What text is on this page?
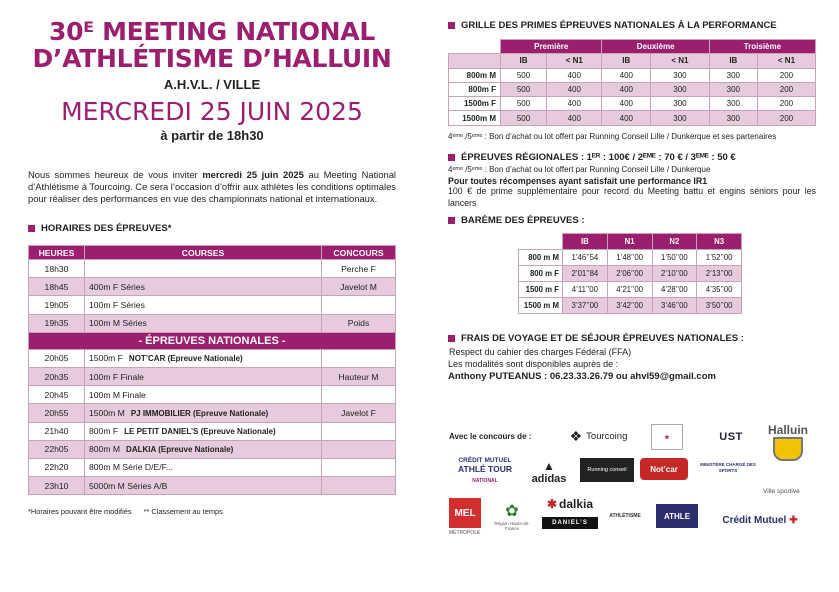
30ᴱ MEETING NATIONAL
D’ATHLÉTISME D’HALLUIN
A.H.V.L. / VILLE
MERCREDI 25 JUIN 2025
à partir de 18h30

Nous sommes heureux de vous inviter mercredi 25 juin 2025 au Meeting National d’Athlétisme à Tourcoing. Ce sera l’occasion d’offrir aux athlètes les conditions optimales pour réaliser des performances en vue des championnats national et internationaux.

HORAIRES DES ÉPREUVES*
HEURES	COURSES	CONCOURS
18h30		Perche F
18h45	400m F Séries	Javelot M
19h05	100m F Séries	
19h35	100m M Séries	Poids
- ÉPREUVES NATIONALES -		
20h05	1500m F NOT’CAR (Epreuve Nationale)	
20h35	100m F Finale	Hauteur M
20h45	100m M Finale	
20h55	1500m M PJ IMMOBILIER (Epreuve Nationale)	Javelot F
21h40	800m F LE PETIT DANIEL’S (Epreuve Nationale)	
22h05	800m M DALKIA (Epreuve Nationale)	
22h20	800m M Série D/E/F...	
23h10	5000m M Séries A/B	
*Horaires pouvant être modifiés ** Classement au temps
GRILLE DES PRIMES ÉPREUVES NATIONALES À LA PERFORMANCE
	Première		Deuxième		Troisième	
	IB	< N1	IB	< N1	IB	< N1
800m M	500	400	400	300	300	200
800m F	500	400	400	300	300	200
1500m F	500	400	400	300	300	200
1500m M	500	400	400	300	300	200

4ᵉᵐᵉ /5ᵉᵐᵉ : Bon d’achat ou lot offert par Running Conseil Lille / Dunkerque et ses partenaires

ÉPREUVES RÉGIONALES : 1ᴱᴿ : 100€ / 2ᴱᴹᴱ : 70 € / 3ᴱᴹᴱ : 50 €

4ᵉᵐᵉ /5ᵉᵐᵉ : Bon d’achat ou lot offert par Running Conseil Lille / Dunkerque

Pour toutes récompenses ayant satisfait une performance IR1

100 € de prime supplémentaire pour record du Meeting battu et engins séniors pour les lancers

BARÈME DES ÉPREUVES :
	IB	N1	N2	N3
800 m M	1’46’’54	1’48’’00	1’50’’00	1’52’’00
800 m F	2’01’’84	2’06’’00	2’10’’00	2’13’’00
1500 m F	4’11’’00	4’21’’00	4’28’’00	4’35’’00
1500 m M	3’37’’00	3’42’’00	3’46’’00	3’50’’00
FRAIS DE VOYAGE ET DE SÉJOUR ÉPREUVES NATIONALES :

Respect du cahier des charges Fédéral (FFA)

Les modalités sont disponibles auprès de :

Anthony PUTEANUS : 06.23.33.26.79 ou ahvl59@gmail.com

Avec le concours de :	❖ Tourcoing	★	UST	Halluin
Ville sportive
CRÉDIT MUTUEL
ATHLÉ TOUR
NATIONAL
▲
adidas
Running conseil	Not’car	MINISTÈRE CHARGÉ DES SPORTS
MEL
MÉTROPOLE
✿
Région Hauts-de-France
✱ dalkia
DANIEL’S
ATHLÉTISME	ATHLE	Crédit Mutuel ✚
